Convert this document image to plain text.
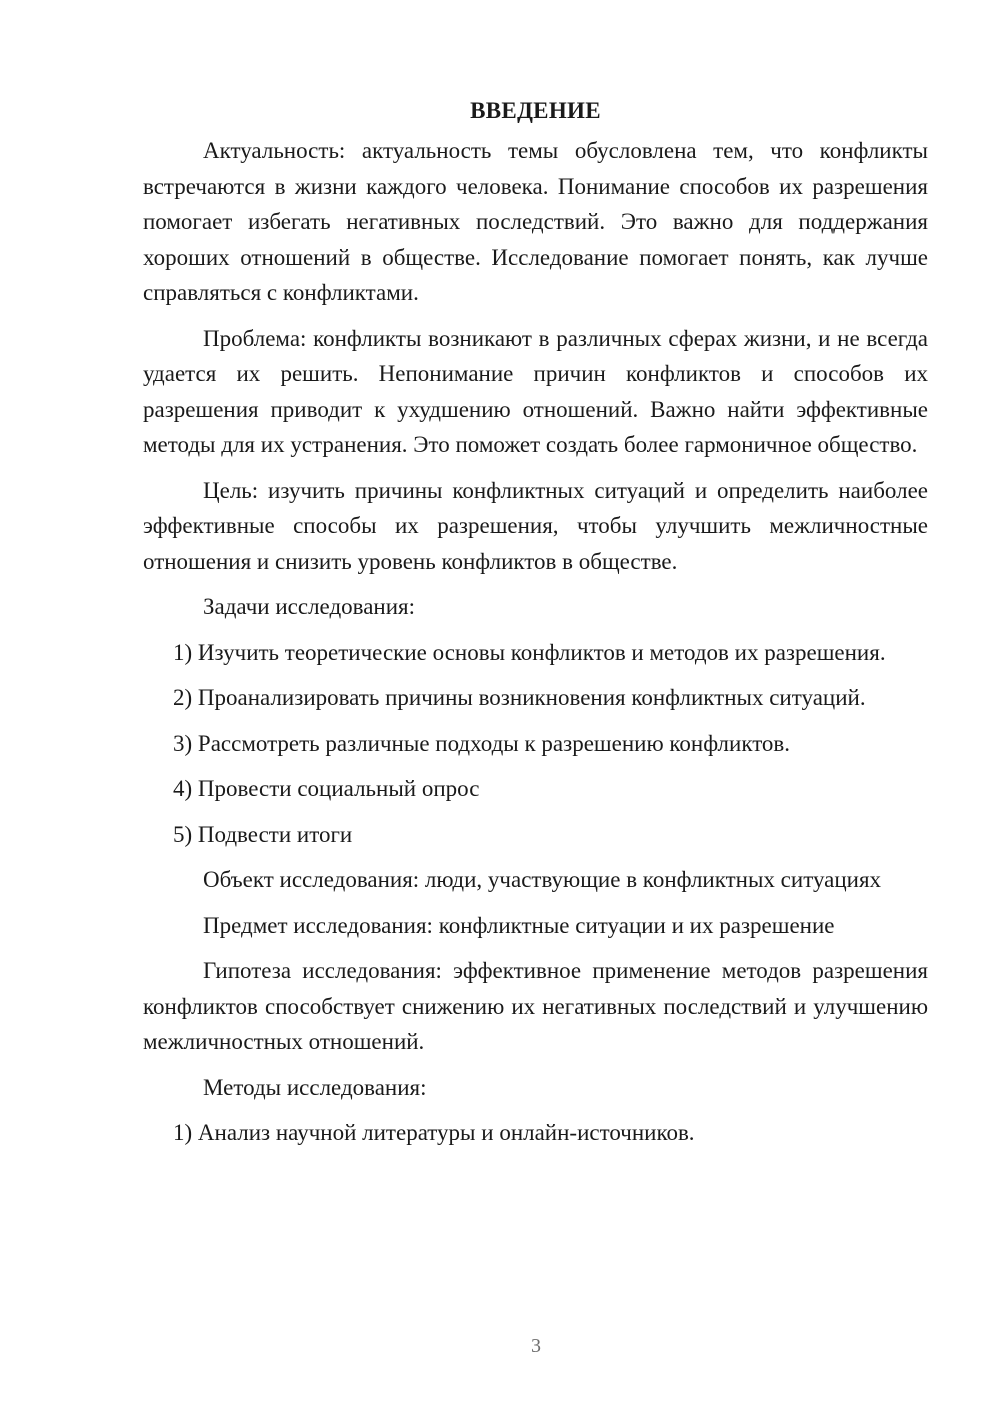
ВВЕДЕНИЕ

Актуальность: актуальность темы обусловлена тем, что конфликты встречаются в жизни каждого человека. Понимание способов их разрешения помогает избегать негативных последствий. Это важно для поддержания хороших отношений в обществе. Исследование помогает понять, как лучше справляться с конфликтами.

Проблема: конфликты возникают в различных сферах жизни, и не всегда удается их решить. Непонимание причин конфликтов и способов их разрешения приводит к ухудшению отношений. Важно найти эффективные методы для их устранения. Это поможет создать более гармоничное общество.

Цель: изучить причины конфликтных ситуаций и определить наиболее эффективные способы их разрешения, чтобы улучшить межличностные отношения и снизить уровень конфликтов в обществе.

Задачи исследования:

1) Изучить теоретические основы конфликтов и методов их разрешения.

2) Проанализировать причины возникновения конфликтных ситуаций.

3) Рассмотреть различные подходы к разрешению конфликтов.

4) Провести социальный опрос

5) Подвести итоги

Объект исследования: люди, участвующие в конфликтных ситуациях

Предмет исследования: конфликтные ситуации и их разрешение

Гипотеза исследования: эффективное применение методов разрешения конфликтов способствует снижению их негативных последствий и улучшению межличностных отношений.

Методы исследования:

1) Анализ научной литературы и онлайн-источников.

3
